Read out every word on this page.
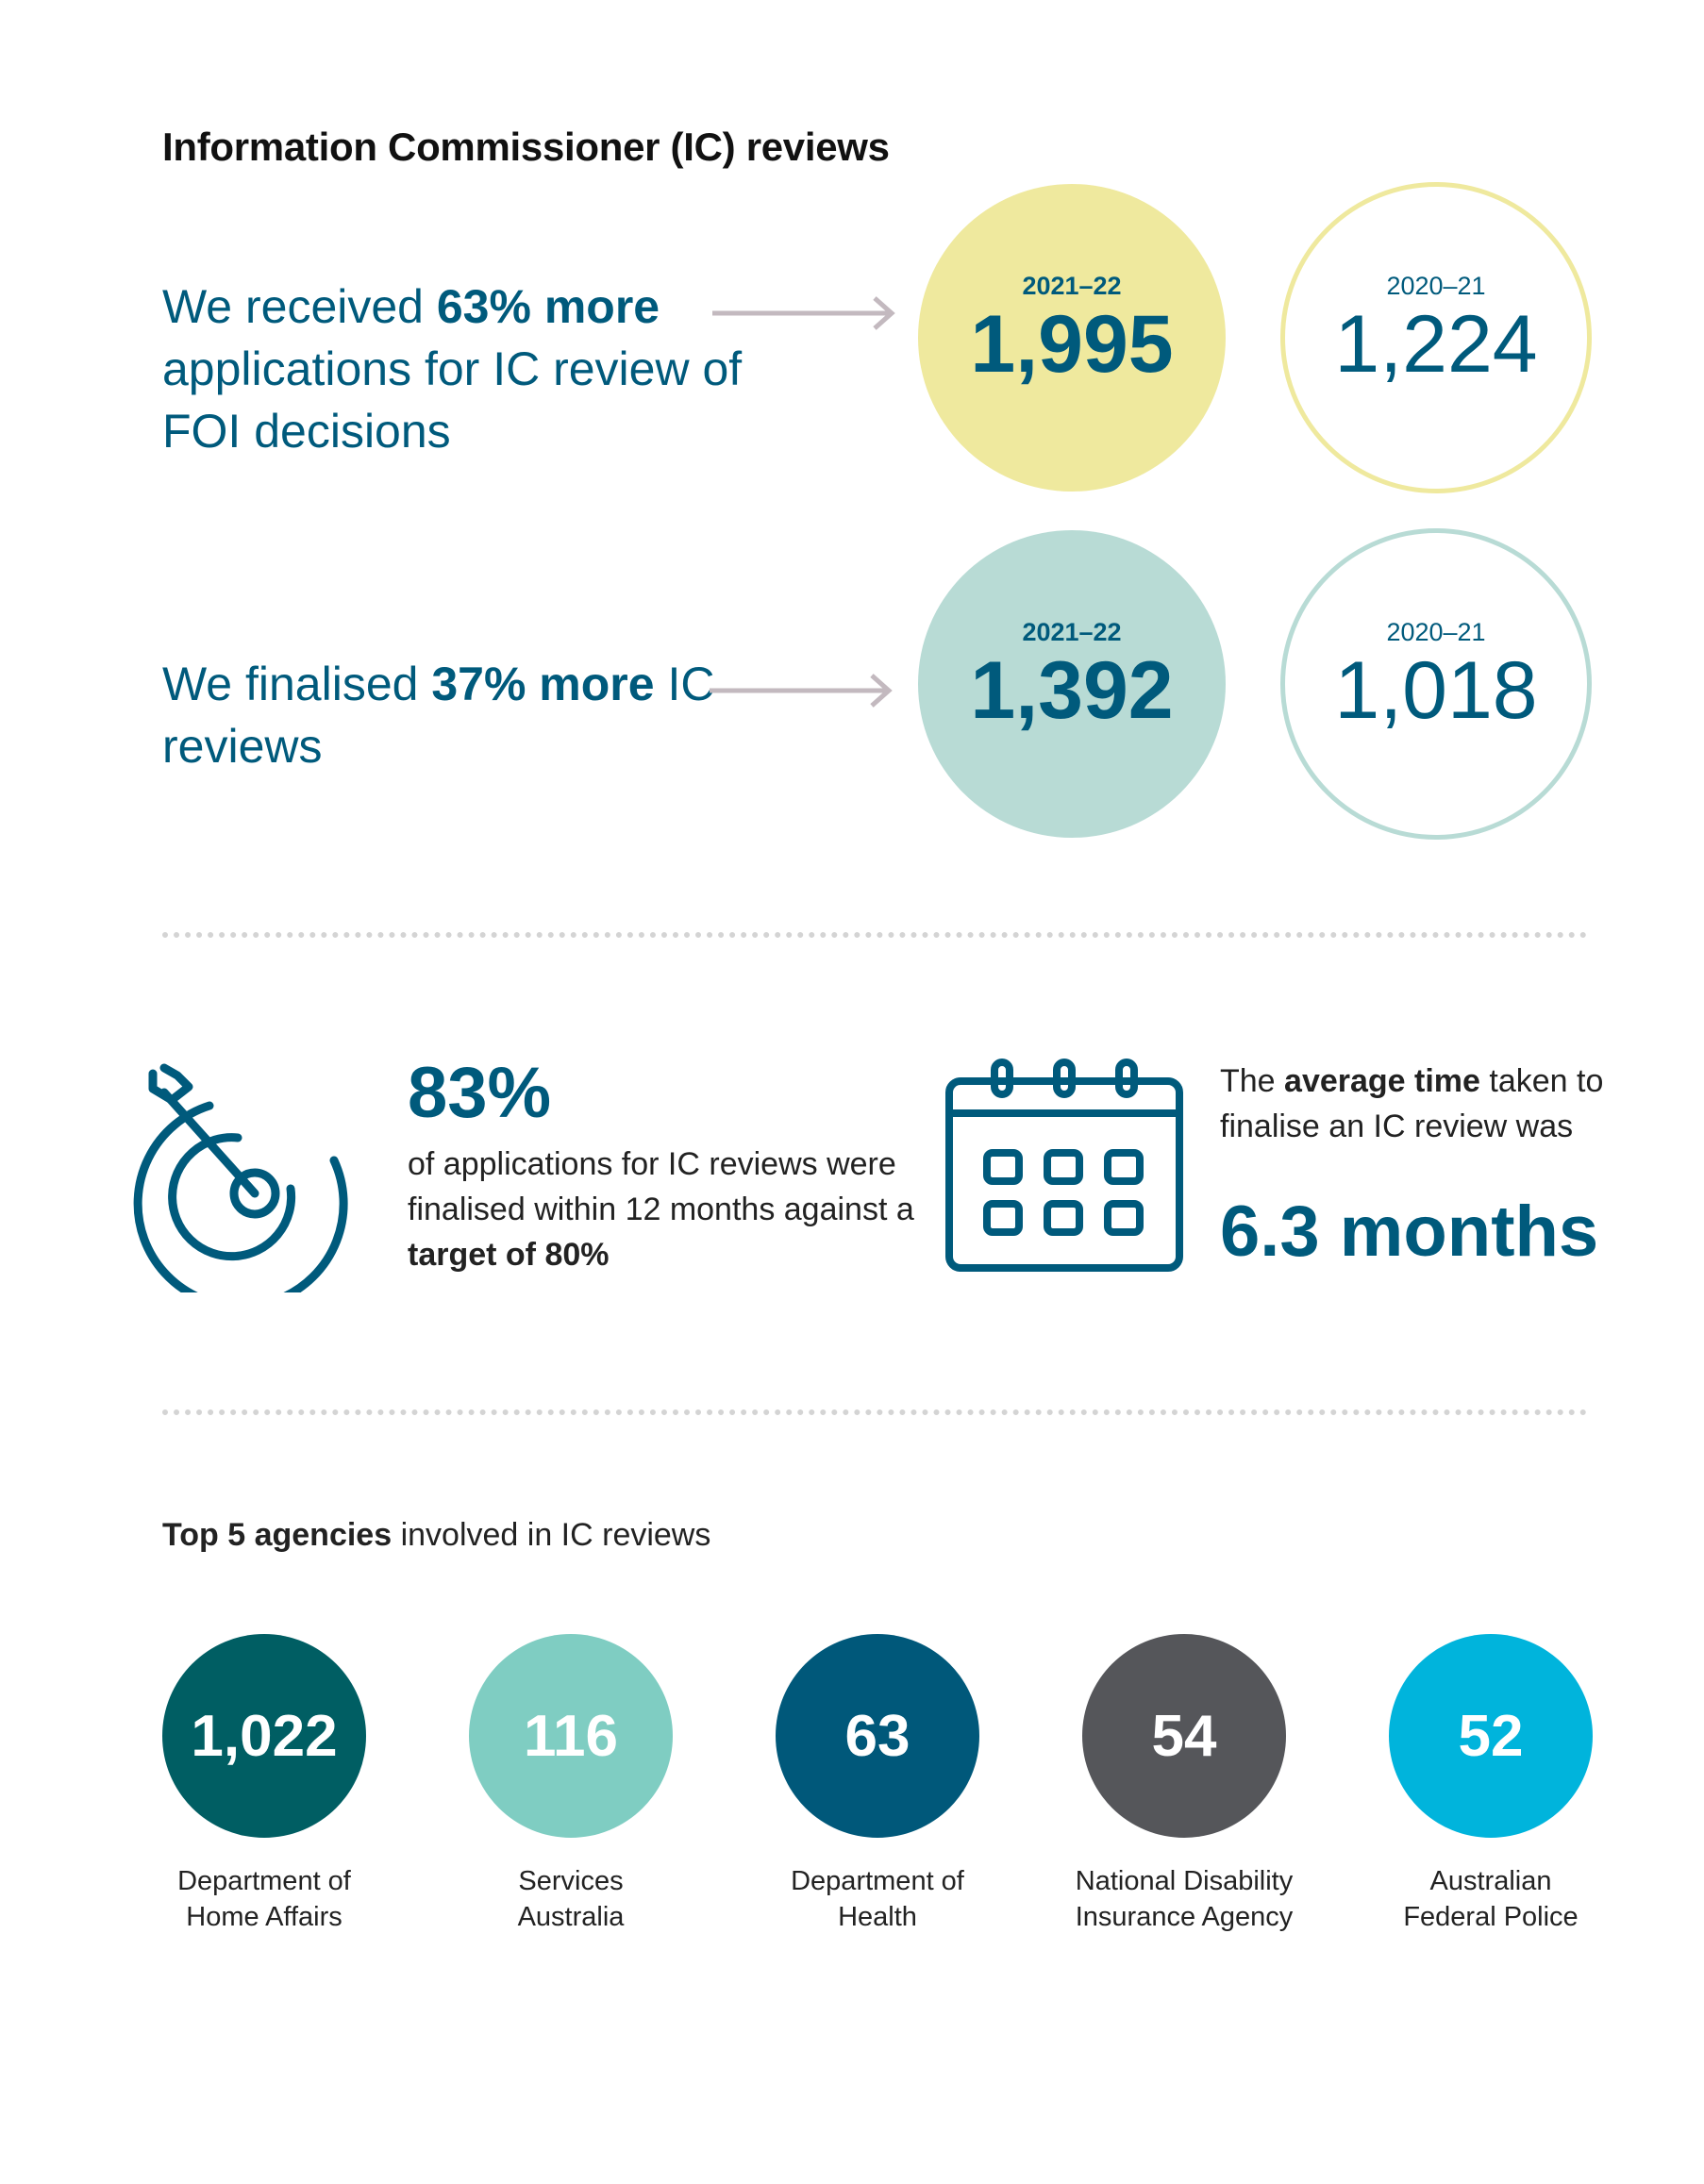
Information Commissioner (IC) reviews
We received 63% more applications for IC review of FOI decisions
2021–22
1,995
2020–21
1,224
We finalised 37% more IC reviews
2021–22
1,392
2020–21
1,018
83%
of applications for IC reviews were finalised within 12 months against a target of 80%
The average time taken to finalise an IC review was
6.3 months
Top 5 agencies involved in IC reviews
1,022	116	63	54	52
Department of
Home Affairs
Services
Australia
Department of
Health
National Disability
Insurance Agency
Australian
Federal Police
